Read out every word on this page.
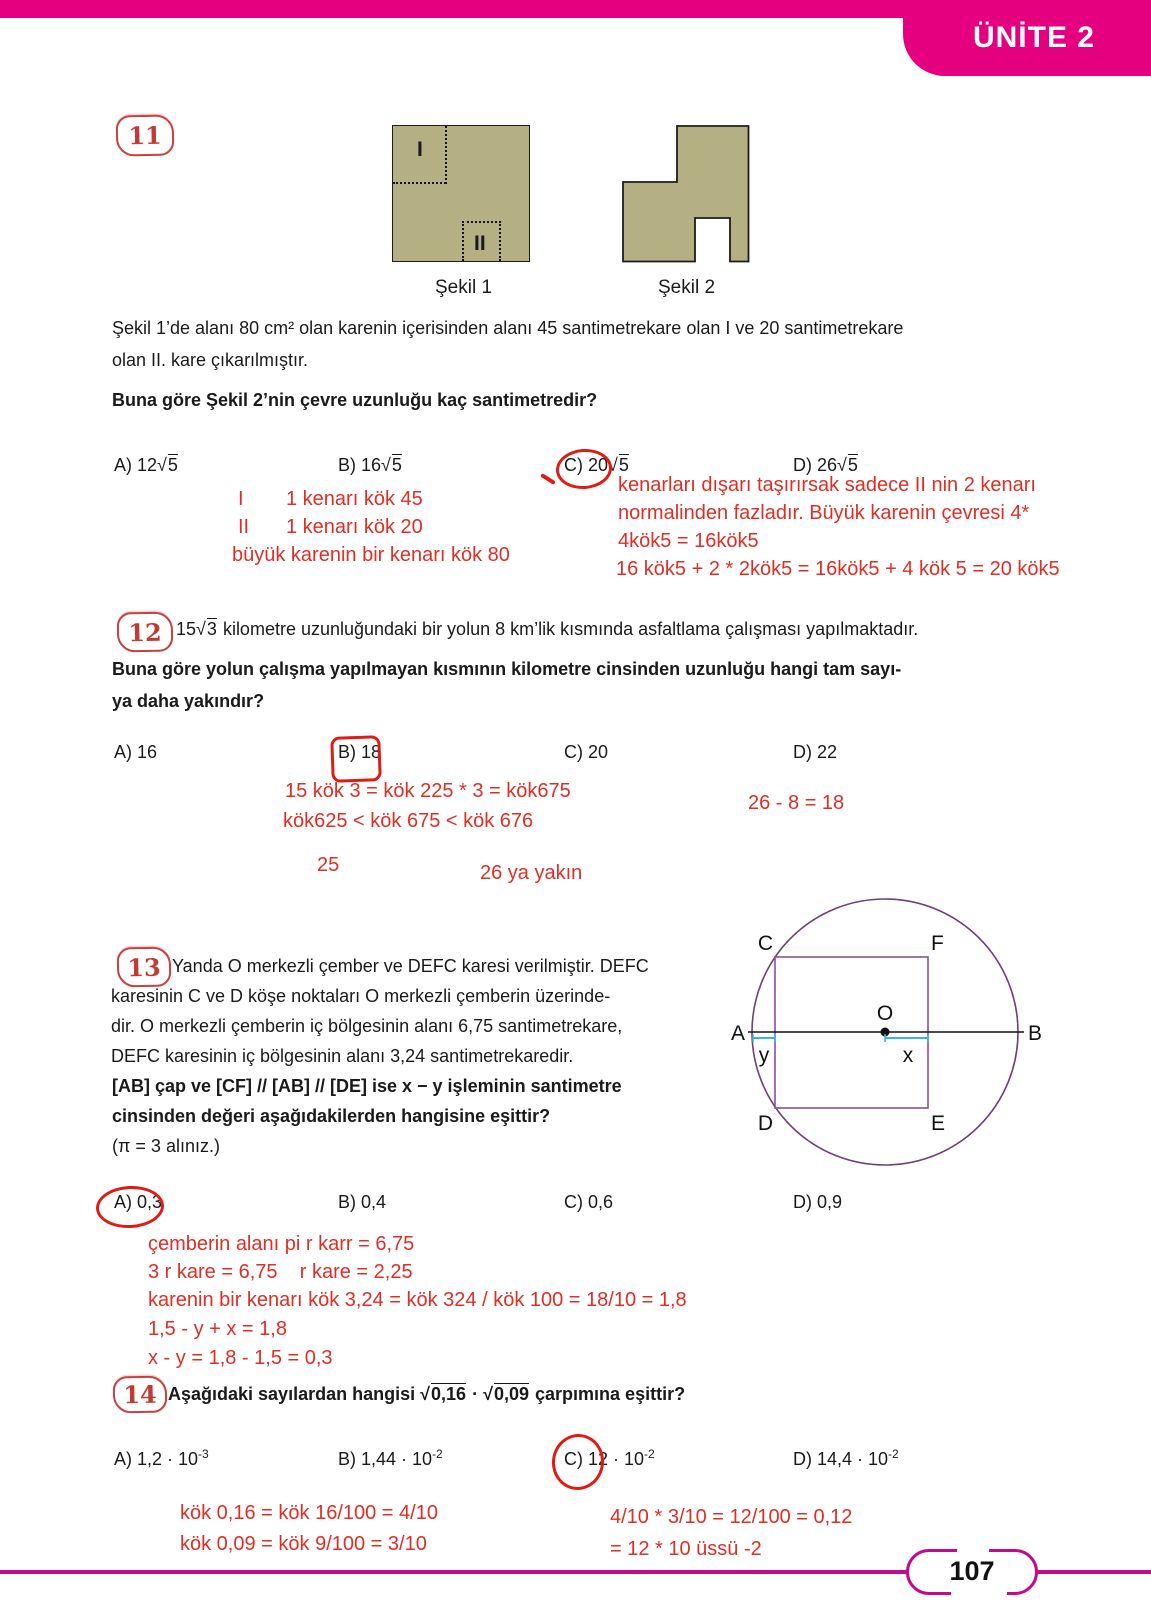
ÜNİTE 2
11	I
II
Şekil 1	Şekil 2
Şekil 1’de alanı 80 cm² olan karenin içerisinden alanı 45 santimetrekare olan I ve 20 santimetrekare
olan II. kare çıkarılmıştır.
Buna göre Şekil 2’nin çevre uzunluğu kaç santimetredir?
A) 12√5	B) 16√5	C) 20√5	D) 26√5
I 1 kenarı kök 45
II 1 kenarı kök 20
büyük karenin bir kenarı kök 80
kenarları dışarı taşırırsak sadece II nin 2 kenarı
normalinden fazladır. Büyük karenin çevresi 4*
4kök5 = 16kök5
16 kök5 + 2 * 2kök5 = 16kök5 + 4 kök 5 = 20 kök5
12 15√3 kilometre uzunluğundaki bir yolun 8 km’lik kısmında asfaltlama çalışması yapılmaktadır.
Buna göre yolun çalışma yapılmayan kısmının kilometre cinsinden uzunluğu hangi tam sayı-
ya daha yakındır?
A) 16	B) 18	C) 20	D) 22
15 kök 3 = kök 225 * 3 = kök675
kök625 < kök 675 < kök 676
25	26 ya yakın
26 - 8 = 18
13 Yanda O merkezli çember ve DEFC karesi verilmiştir. DEFC
karesinin C ve D köşe noktaları O merkezli çemberin üzerinde-
dir. O merkezli çemberin iç bölgesinin alanı 6,75 santimetrekare,
DEFC karesinin iç bölgesinin alanı 3,24 santimetrekaredir.
[AB] çap ve [CF] // [AB] // [DE] ise x − y işleminin santimetre
cinsinden değeri aşağıdakilerden hangisine eşittir?
(π = 3 alınız.)
A	B
C	F
D	E
O
y	x
A) 0,3	B) 0,4	C) 0,6	D) 0,9
çemberin alanı pi r karr = 6,75
3 r kare = 6,75    r kare = 2,25
karenin bir kenarı kök 3,24 = kök 324 / kök 100 = 18/10 = 1,8
1,5 - y + x = 1,8
x - y = 1,8 - 1,5 = 0,3
14 Aşağıdaki sayılardan hangisi √0,16 · √0,09 çarpımına eşittir?
A) $1,2 \cdot 10^{-3}$	B) $1,44 \cdot 10^{-2}$	C) $12 \cdot 10^{-2}$	D) $14,4 \cdot 10^{-2}$
kök 0,16 = kök 16/100 = 4/10
kök 0,09 = kök 9/100 = 3/10
4/10 * 3/10 = 12/100 = 0,12
= 12 * 10 üssü -2
107
